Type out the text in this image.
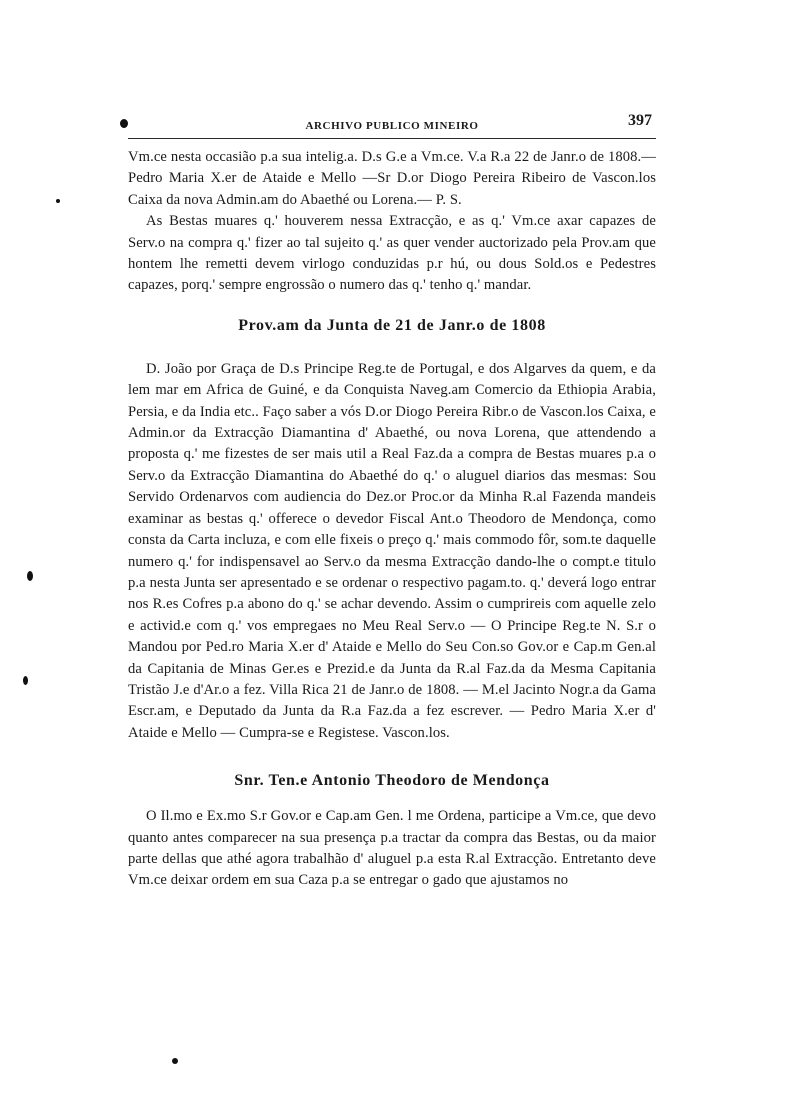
ARCHIVO PUBLICO MINEIRO	397

Vm.ce nesta occasião p.a sua intelig.a. D.s G.e a Vm.ce. V.a R.a 22 de Janr.o de 1808.— Pedro Maria X.er de Ataide e Mello —Sr D.or Diogo Pereira Ribeiro de Vascon.los Caixa da nova Admin.am do Abaethé ou Lorena.— P. S.

As Bestas muares q.' houverem nessa Extracção, e as q.' Vm.ce axar capazes de Serv.o na compra q.' fizer ao tal sujeito q.' as quer vender auctorizado pela Prov.am que hontem lhe remetti devem virlogo conduzidas p.r hú, ou dous Sold.os e Pedestres capazes, porq.' sempre engrossão o numero das q.' tenho q.' mandar.

Prov.am da Junta de 21 de Janr.o de 1808

D. João por Graça de D.s Principe Reg.te de Portugal, e dos Algarves da quem, e da lem mar em Africa de Guiné, e da Conquista Naveg.am Comercio da Ethiopia Arabia, Persia, e da India etc.. Faço saber a vós D.or Diogo Pereira Ribr.o de Vascon.los Caixa, e Admin.or da Extracção Diamantina d' Abaethé, ou nova Lorena, que attendendo a proposta q.' me fizestes de ser mais util a Real Faz.da a compra de Bestas muares p.a o Serv.o da Extracção Diamantina do Abaethé do q.' o aluguel diarios das mesmas: Sou Servido Ordenarvos com audiencia do Dez.or Proc.or da Minha R.al Fazenda mandeis examinar as bestas q.' offerece o devedor Fiscal Ant.o Theodoro de Mendonça, como consta da Carta incluza, e com elle fixeis o preço q.' mais commodo fôr, som.te daquelle numero q.' for indispensavel ao Serv.o da mesma Extracção dando-lhe o compt.e titulo p.a nesta Junta ser apresentado e se ordenar o respectivo pagam.to. q.' deverá logo entrar nos R.es Cofres p.a abono do q.' se achar devendo. Assim o cumprireis com aquelle zelo e activid.e com q.' vos empregaes no Meu Real Serv.o — O Principe Reg.te N. S.r o Mandou por Ped.ro Maria X.er d' Ataide e Mello do Seu Con.so Gov.or e Cap.m Gen.al da Capitania de Minas Ger.es e Prezid.e da Junta da R.al Faz.da da Mesma Capitania Tristão J.e d'Ar.o a fez. Villa Rica 21 de Janr.o de 1808. — M.el Jacinto Nogr.a da Gama Escr.am, e Deputado da Junta da R.a Faz.da a fez escrever. — Pedro Maria X.er d' Ataide e Mello — Cumpra-se e Registese. Vascon.los.

Snr. Ten.e Antonio Theodoro de Mendonça

O Il.mo e Ex.mo S.r Gov.or e Cap.am Gen. l me Ordena, participe a Vm.ce, que devo quanto antes comparecer na sua presença p.a tractar da compra das Bestas, ou da maior parte dellas que athé agora trabalhão d' aluguel p.a esta R.al Extracção. Entretanto deve Vm.ce deixar ordem em sua Caza p.a se entregar o gado que ajustamos no
